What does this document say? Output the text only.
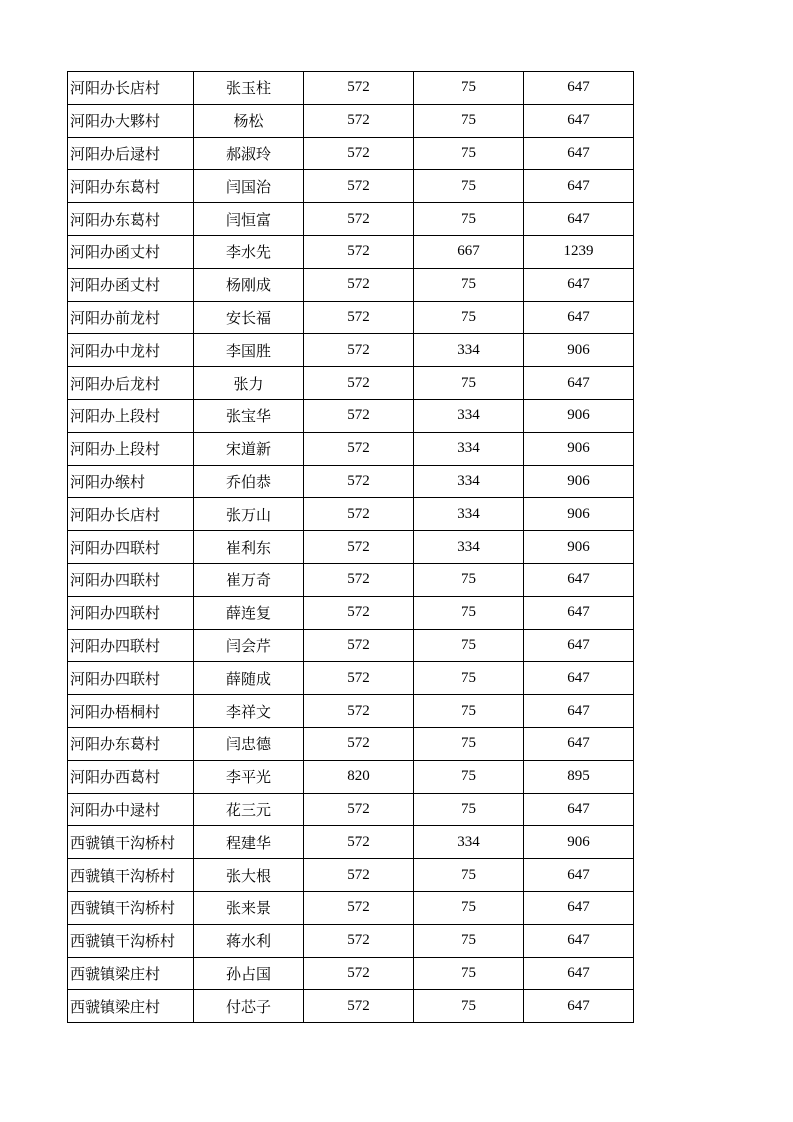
河阳办长店村	张玉柱	572	75	647
河阳办大夥村	杨松	572	75	647
河阳办后逯村	郝淑玲	572	75	647
河阳办东葛村	闫国治	572	75	647
河阳办东葛村	闫恒富	572	75	647
河阳办函丈村	李水先	572	667	1239
河阳办函丈村	杨刚成	572	75	647
河阳办前龙村	安长福	572	75	647
河阳办中龙村	李国胜	572	334	906
河阳办后龙村	张力	572	75	647
河阳办上段村	张宝华	572	334	906
河阳办上段村	宋道新	572	334	906
河阳办缑村	乔伯恭	572	334	906
河阳办长店村	张万山	572	334	906
河阳办四联村	崔利东	572	334	906
河阳办四联村	崔万奇	572	75	647
河阳办四联村	薛连复	572	75	647
河阳办四联村	闫会芹	572	75	647
河阳办四联村	薛随成	572	75	647
河阳办梧桐村	李祥文	572	75	647
河阳办东葛村	闫忠德	572	75	647
河阳办西葛村	李平光	820	75	895
河阳办中逯村	花三元	572	75	647
西虢镇干沟桥村	程建华	572	334	906
西虢镇干沟桥村	张大根	572	75	647
西虢镇干沟桥村	张来景	572	75	647
西虢镇干沟桥村	蒋水利	572	75	647
西虢镇梁庄村	孙占国	572	75	647
西虢镇梁庄村	付芯子	572	75	647
